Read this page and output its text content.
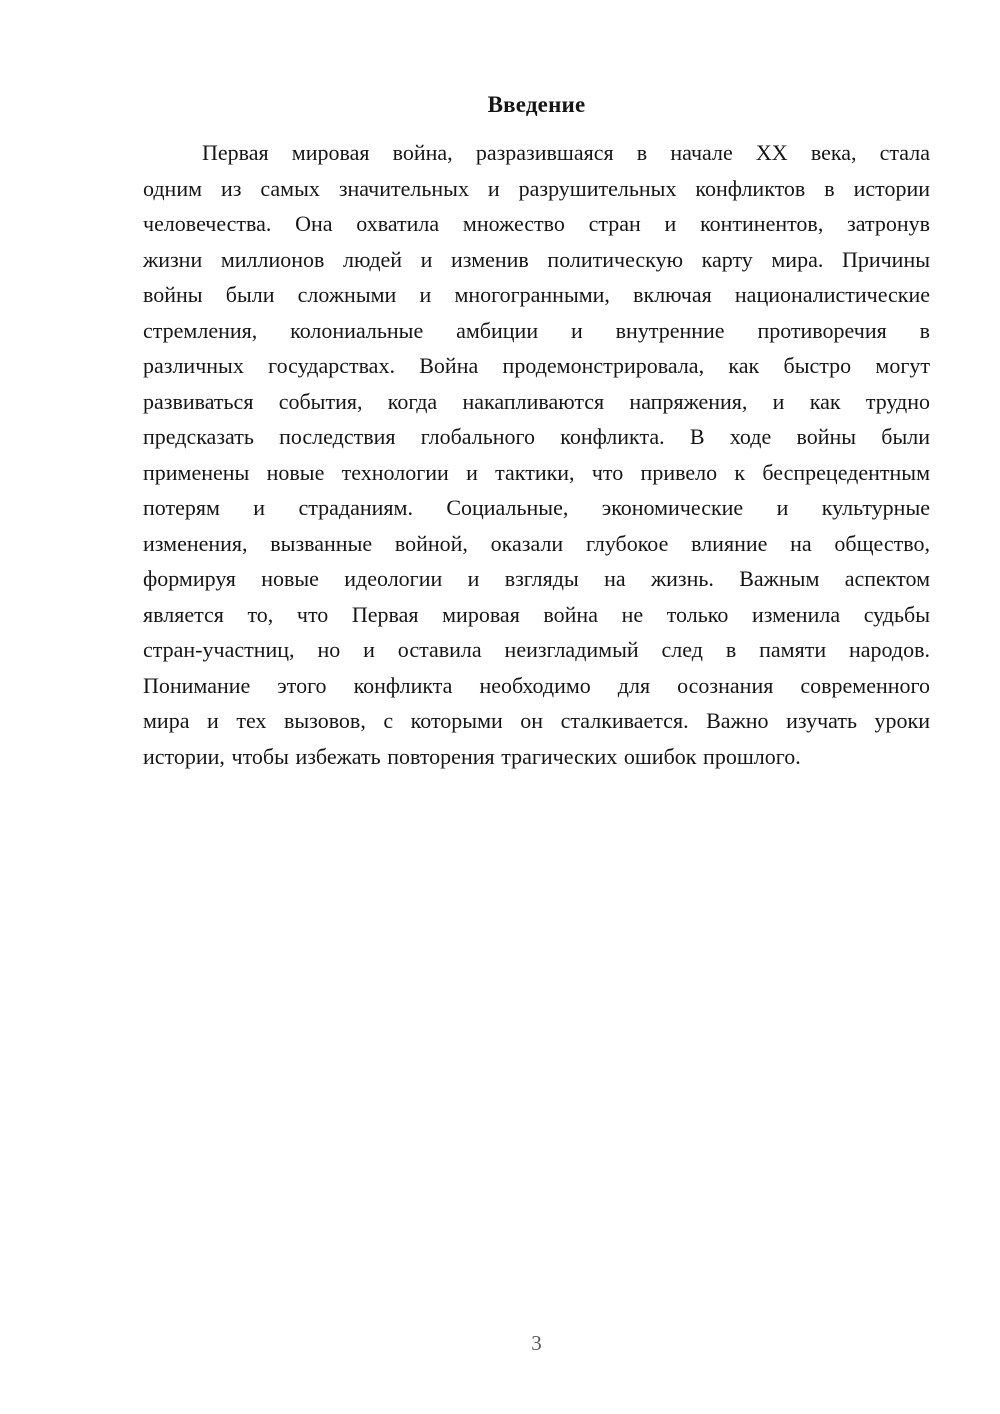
Введение
Первая мировая война, разразившаяся в начале XX века, стала
одним из самых значительных и разрушительных конфликтов в истории
человечества. Она охватила множество стран и континентов, затронув
жизни миллионов людей и изменив политическую карту мира. Причины
войны были сложными и многогранными, включая националистические
стремления, колониальные амбиции и внутренние противоречия в
различных государствах. Война продемонстрировала, как быстро могут
развиваться события, когда накапливаются напряжения, и как трудно
предсказать последствия глобального конфликта. В ходе войны были
применены новые технологии и тактики, что привело к беспрецедентным
потерям и страданиям. Социальные, экономические и культурные
изменения, вызванные войной, оказали глубокое влияние на общество,
формируя новые идеологии и взгляды на жизнь. Важным аспектом
является то, что Первая мировая война не только изменила судьбы
стран-участниц, но и оставила неизгладимый след в памяти народов.
Понимание этого конфликта необходимо для осознания современного
мира и тех вызовов, с которыми он сталкивается. Важно изучать уроки
истории, чтобы избежать повторения трагических ошибок прошлого.
3
